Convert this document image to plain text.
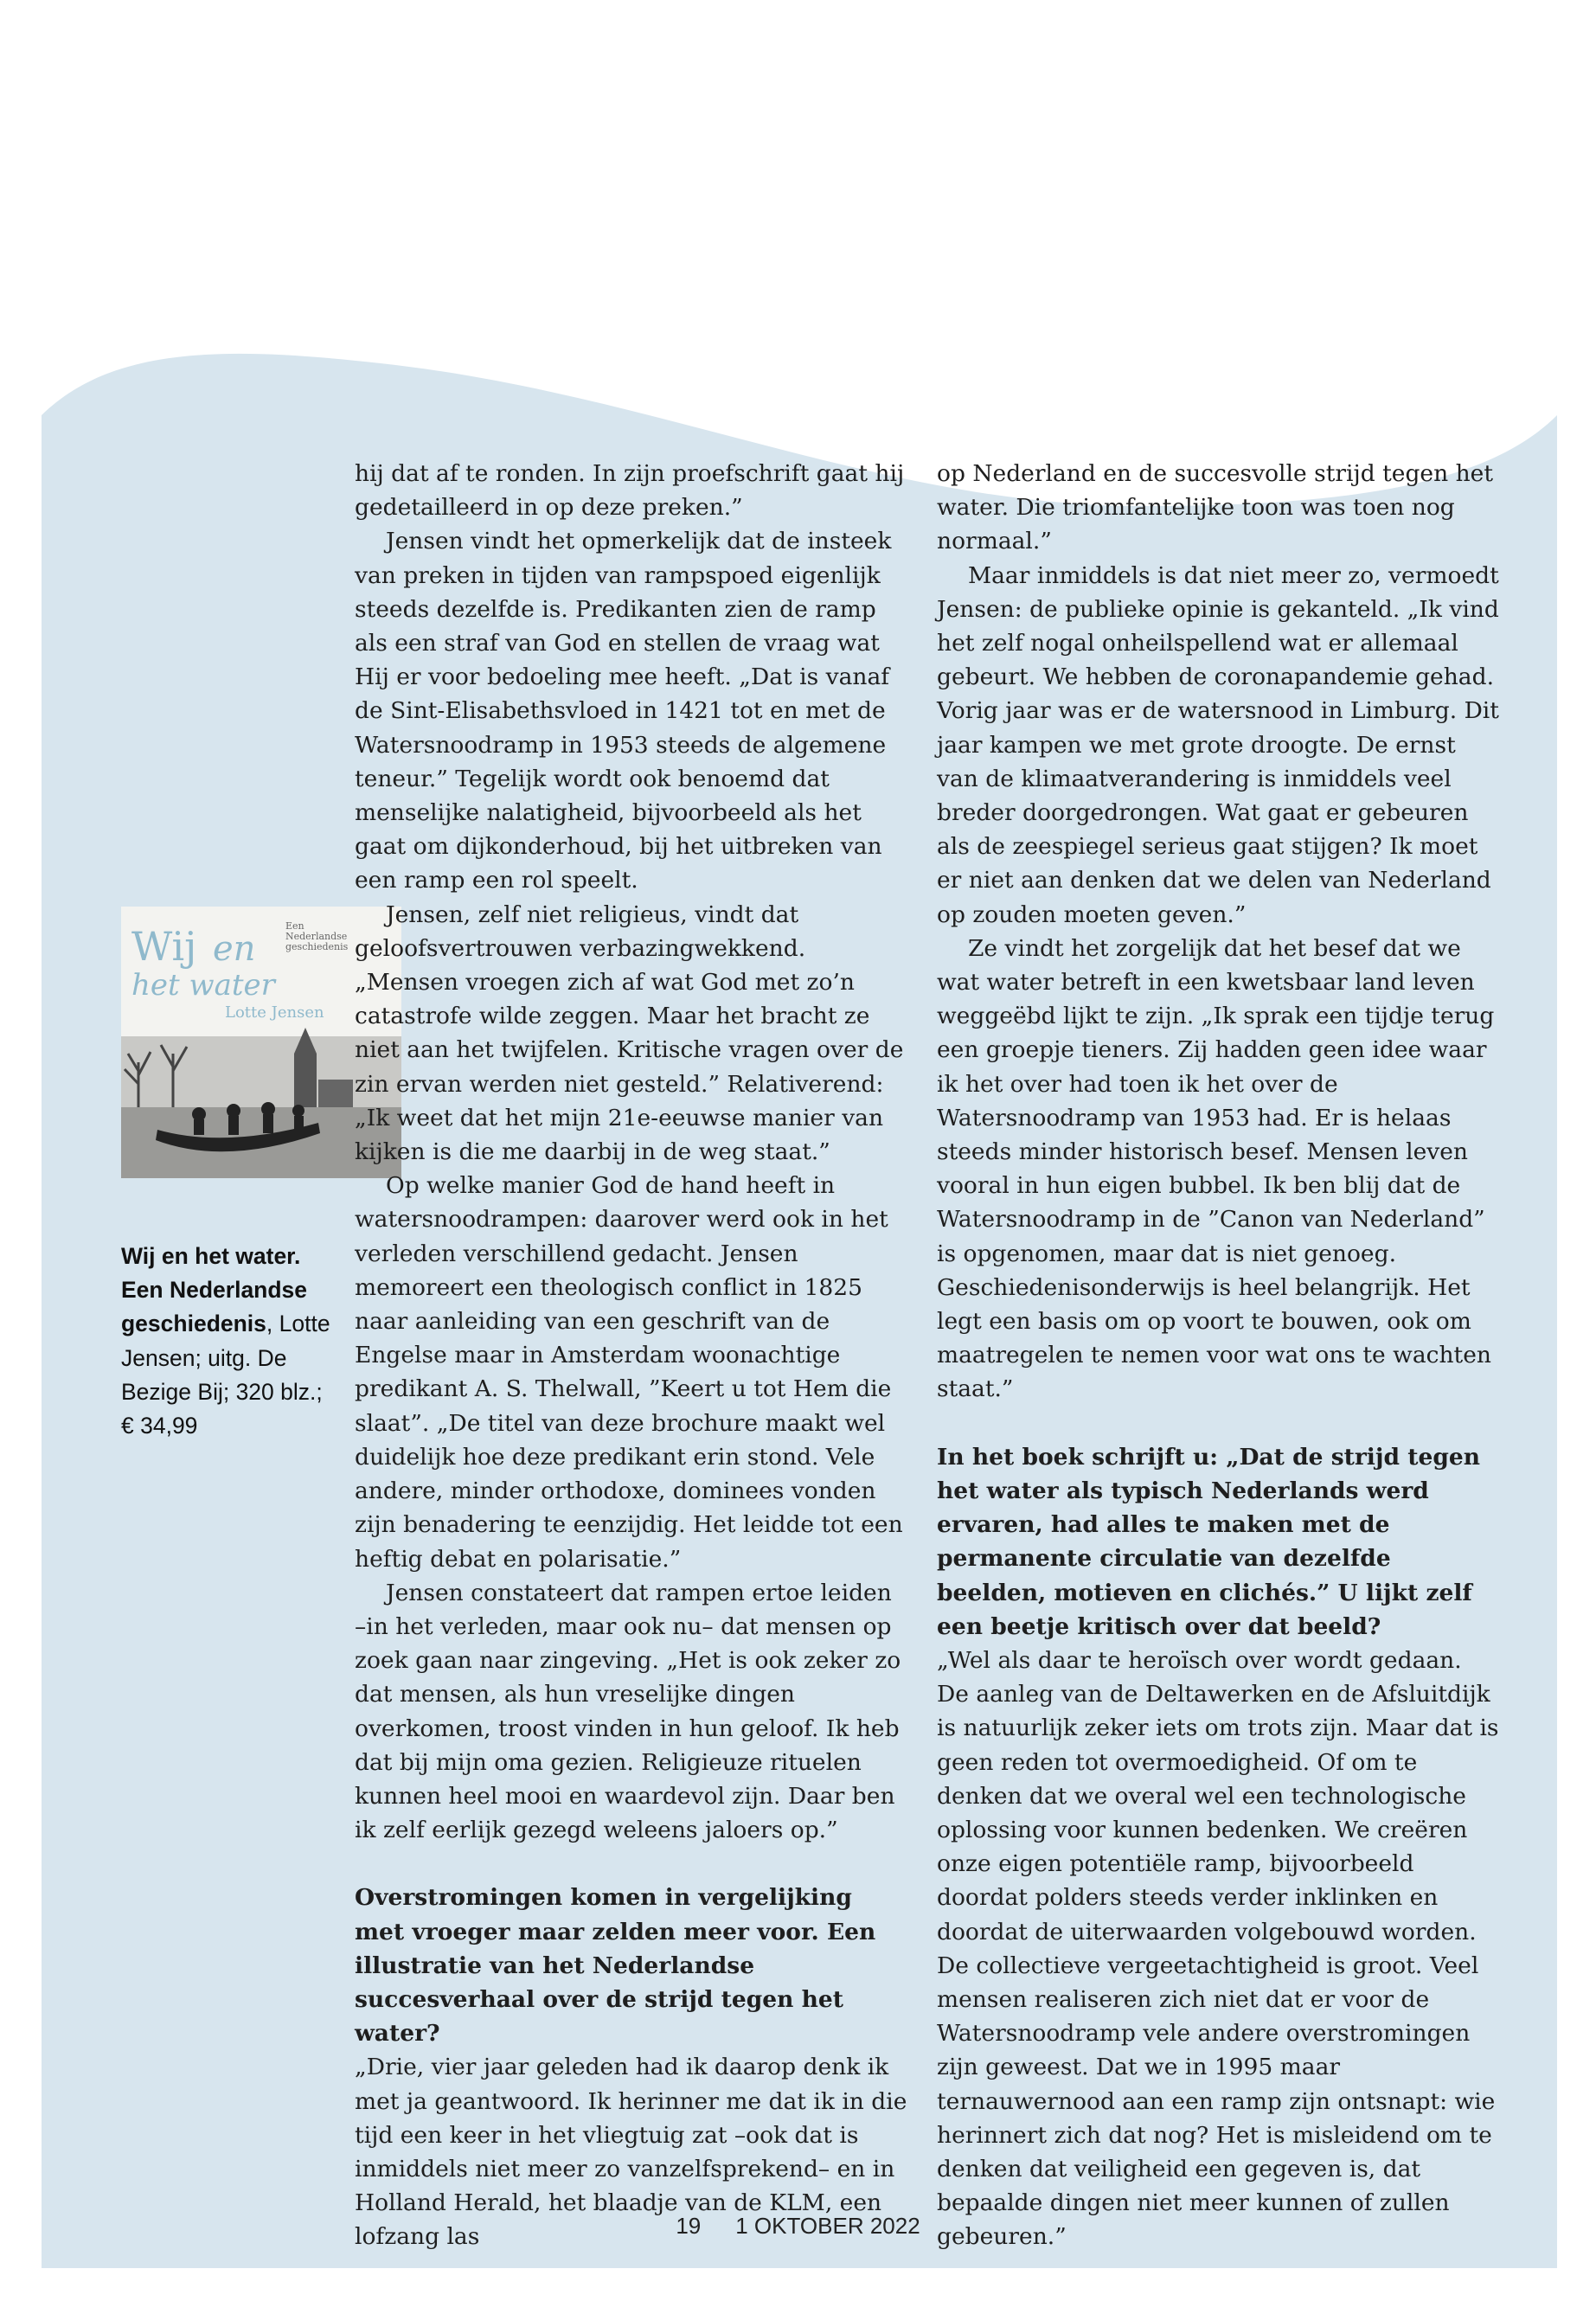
Wij en
het water
Een
Nederlandse
geschiedenis
Lotte Jensen
Wij en het water. Een Nederlandse geschiedenis, Lotte Jensen; uitg. De Bezige Bij; 320 blz.; € 34,99

hij dat af te ronden. In zijn proefschrift gaat hij gedetailleerd in op deze preken.”

Jensen vindt het opmerkelijk dat de insteek van preken in tijden van rampspoed eigenlijk steeds dezelfde is. Predikanten zien de ramp als een straf van God en stellen de vraag wat Hij er voor bedoeling mee heeft. „Dat is vanaf de Sint-Elisabethsvloed in 1421 tot en met de Watersnoodramp in 1953 steeds de algemene teneur.” Tegelijk wordt ook benoemd dat menselijke nalatigheid, bijvoorbeeld als het gaat om dijkonderhoud, bij het uitbreken van een ramp een rol speelt.

Jensen, zelf niet religieus, vindt dat geloofsvertrouwen verbazingwekkend. „Mensen vroegen zich af wat God met zo’n catastrofe wilde zeggen. Maar het bracht ze niet aan het twijfelen. Kritische vragen over de zin ervan werden niet gesteld.” Relativerend: „Ik weet dat het mijn 21e-eeuwse manier van kijken is die me daarbij in de weg staat.”

Op welke manier God de hand heeft in watersnoodrampen: daarover werd ook in het verleden verschillend gedacht. Jensen memoreert een theologisch conflict in 1825 naar aanleiding van een geschrift van de Engelse maar in Amsterdam woonachtige predikant A. S. Thelwall, ”Keert u tot Hem die slaat”. „De titel van deze brochure maakt wel duidelijk hoe deze predikant erin stond. Vele andere, minder orthodoxe, dominees vonden zijn benadering te eenzijdig. Het leidde tot een heftig debat en polarisatie.”

Jensen constateert dat rampen ertoe leiden –in het verleden, maar ook nu– dat mensen op zoek gaan naar zingeving. „Het is ook zeker zo dat mensen, als hun vreselijke dingen overkomen, troost vinden in hun geloof. Ik heb dat bij mijn oma gezien. Religieuze rituelen kunnen heel mooi en waardevol zijn. Daar ben ik zelf eerlijk gezegd weleens jaloers op.”

Overstromingen komen in vergelijking met vroeger maar zelden meer voor. Een illustratie van het Nederlandse succesverhaal over de strijd tegen het water?

„Drie, vier jaar geleden had ik daarop denk ik met ja geantwoord. Ik herinner me dat ik in die tijd een keer in het vliegtuig zat –ook dat is inmiddels niet meer zo vanzelfsprekend– en in Holland Herald, het blaadje van de KLM, een lofzang las

op Nederland en de succesvolle strijd tegen het water. Die triomfantelijke toon was toen nog normaal.”

Maar inmiddels is dat niet meer zo, vermoedt Jensen: de publieke opinie is gekanteld. „Ik vind het zelf nogal onheilspellend wat er allemaal gebeurt. We hebben de coronapandemie gehad. Vorig jaar was er de watersnood in Limburg. Dit jaar kampen we met grote droogte. De ernst van de klimaatverandering is inmiddels veel breder doorgedrongen. Wat gaat er gebeuren als de zeespiegel serieus gaat stijgen? Ik moet er niet aan denken dat we delen van Nederland op zouden moeten geven.”

Ze vindt het zorgelijk dat het besef dat we wat water betreft in een kwetsbaar land leven weggeëbd lijkt te zijn. „Ik sprak een tijdje terug een groepje tieners. Zij hadden geen idee waar ik het over had toen ik het over de Watersnoodramp van 1953 had. Er is helaas steeds minder historisch besef. Mensen leven vooral in hun eigen bubbel. Ik ben blij dat de Watersnoodramp in de ”Canon van Nederland” is opgenomen, maar dat is niet genoeg. Geschiedenisonderwijs is heel belangrijk. Het legt een basis om op voort te bouwen, ook om maatregelen te nemen voor wat ons te wachten staat.”

In het boek schrijft u: „Dat de strijd tegen het water als typisch Nederlands werd ervaren, had alles te maken met de permanente circulatie van dezelfde beelden, motieven en clichés.” U lijkt zelf een beetje kritisch over dat beeld?

„Wel als daar te heroïsch over wordt gedaan. De aanleg van de Deltawerken en de Afsluitdijk is natuurlijk zeker iets om trots zijn. Maar dat is geen reden tot overmoedigheid. Of om te denken dat we overal wel een technologische oplossing voor kunnen bedenken. We creëren onze eigen potentiële ramp, bijvoorbeeld doordat polders steeds verder inklinken en doordat de uiterwaarden volgebouwd worden. De collectieve vergeetachtigheid is groot. Veel mensen realiseren zich niet dat er voor de Watersnoodramp vele andere overstromingen zijn geweest. Dat we in 1995 maar ternauwernood aan een ramp zijn ontsnapt: wie herinnert zich dat nog? Het is misleidend om te denken dat veiligheid een gegeven is, dat bepaalde dingen niet meer kunnen of zullen gebeuren.”

19 1 OKTOBER 2022
